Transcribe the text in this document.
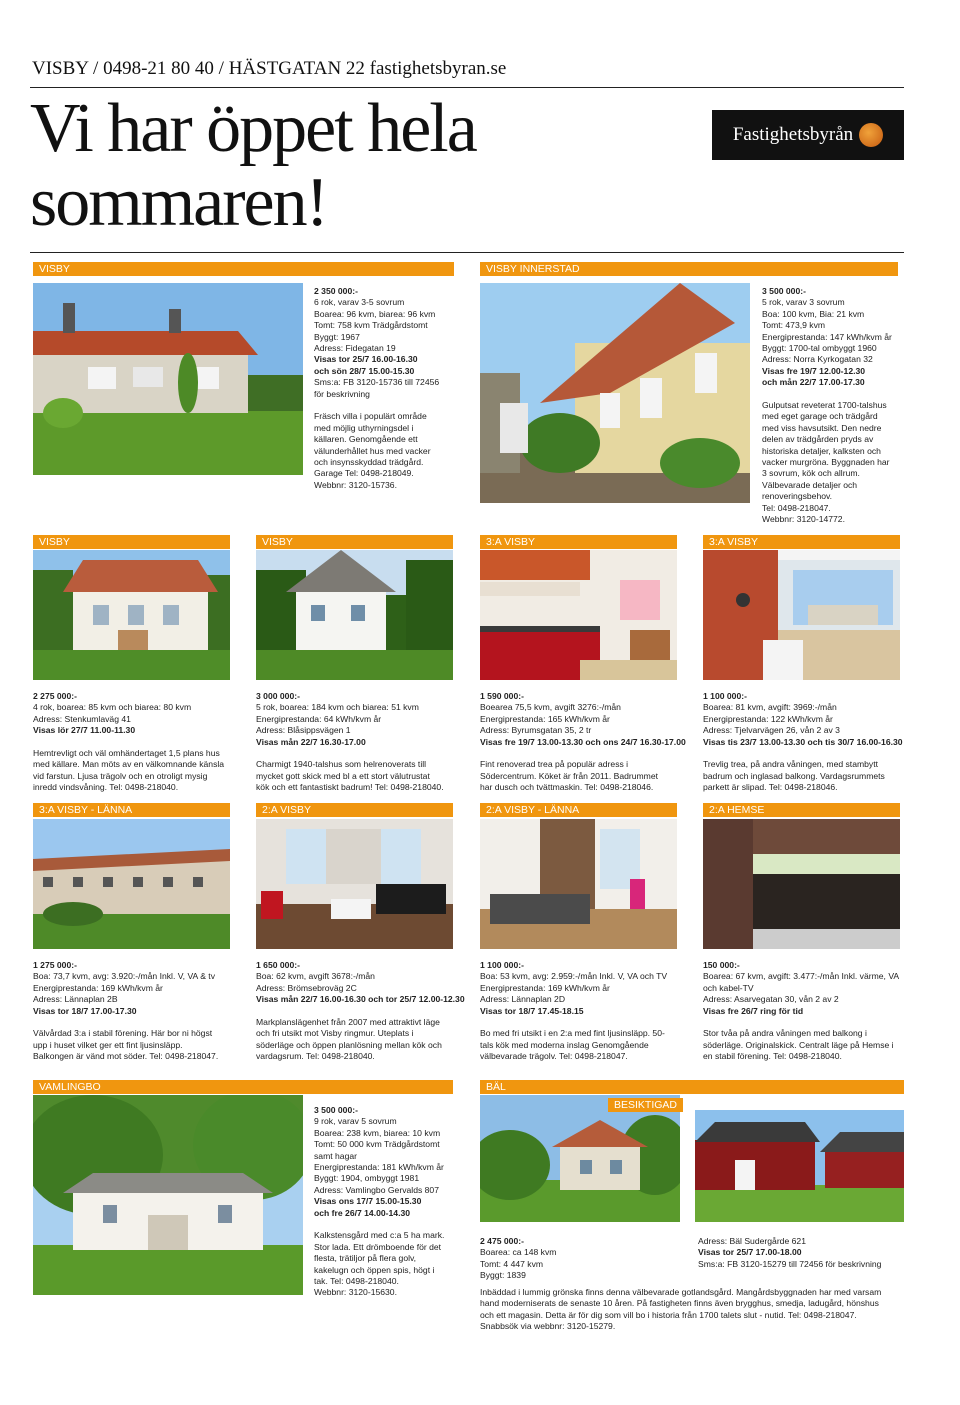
VISBY / 0498-21 80 40 / HÄSTGATAN 22 fastighetsbyran.se
Vi har öppet hela
sommaren!
Fastighetsbyrån
VISBY
2 350 000:-
6 rok, varav 3-5 sovrum
Boarea: 96 kvm, biarea: 96 kvm
Tomt: 758 kvm Trädgårdstomt
Byggt: 1967
Adress: Fidegatan 19
Visas tor 25/7 16.00-16.30
och sön 28/7 15.00-15.30
Sms:a: FB 3120-15736 till 72456
för beskrivning
Fräsch villa i populärt område
med möjlig uthyrningsdel i
källaren. Genomgående ett
välunderhållet hus med vacker
och insynsskyddad trädgård.
Garage Tel: 0498-218049.
Webbnr: 3120-15736.
VISBY INNERSTAD
3 500 000:-
5 rok, varav 3 sovrum
Boa: 100 kvm, Bia: 21 kvm
Tomt: 473,9 kvm
Energiprestanda: 147 kWh/kvm år
Byggt: 1700-tal ombyggt 1960
Adress: Norra Kyrkogatan 32
Visas fre 19/7 12.00-12.30
och mån 22/7 17.00-17.30
Gulputsat reveterat 1700-talshus
med eget garage och trädgård
med viss havsutsikt. Den nedre
delen av trädgården pryds av
historiska detaljer, kalksten och
vacker murgröna. Byggnaden har
3 sovrum, kök och allrum.
Välbevarade detaljer och
renoveringsbehov.
Tel: 0498-218047.
Webbnr: 3120-14772.
VISBY	VISBY	3:A VISBY	3:A VISBY
2 275 000:-
4 rok, boarea: 85 kvm och biarea: 80 kvm
Adress: Stenkumlaväg 41
Visas lör 27/7 11.00-11.30
Hemtrevligt och väl omhändertaget 1,5 plans hus
med källare. Man möts av en välkomnande känsla
vid farstun. Ljusa trägolv och en otroligt mysig
inredd vindsvåning. Tel: 0498-218040.
3 000 000:-
5 rok, boarea: 184 kvm och biarea: 51 kvm
Energiprestanda: 64 kWh/kvm år
Adress: Blåsippsvägen 1
Visas mån 22/7 16.30-17.00
Charmigt 1940-talshus som helrenoverats till
mycket gott skick med bl a ett stort välutrustat
kök och ett fantastiskt badrum! Tel: 0498-218040.
1 590 000:-
Boearea 75,5 kvm, avgift 3276:-/mån
Energiprestanda: 165 kWh/kvm år
Adress: Byrumsgatan 35, 2 tr
Visas fre 19/7 13.00-13.30 och ons 24/7 16.30-17.00
Fint renoverad trea på populär adress i
Södercentrum. Köket är från 2011. Badrummet
har dusch och tvättmaskin. Tel: 0498-218046.
1 100 000:-
Boarea: 81 kvm, avgift: 3969:-/mån
Energiprestanda: 122 kWh/kvm år
Adress: Tjelvarvägen 26, vån 2 av 3
Visas tis 23/7 13.00-13.30 och tis 30/7 16.00-16.30
Trevlig trea, på andra våningen, med stambytt
badrum och inglasad balkong. Vardagsrummets
parkett är slipad. Tel: 0498-218046.
3:A VISBY - LÄNNA	2:A VISBY	2:A VISBY - LÄNNA	2:A HEMSE
1 275 000:-
Boa: 73,7 kvm, avg: 3.920:-/mån Inkl. V, VA & tv
Energiprestanda: 169 kWh/kvm år
Adress: Lännaplan 2B
Visas tor 18/7 17.00-17.30
Välvårdad 3:a i stabil förening. Här bor ni högst
upp i huset vilket ger ett fint ljusinsläpp.
Balkongen är vänd mot söder. Tel: 0498-218047.
1 650 000:-
Boa: 62 kvm, avgift 3678:-/mån
Adress: Brömsebroväg 2C
Visas mån 22/7 16.00-16.30 och tor 25/7 12.00-12.30
Markplanslägenhet från 2007 med attraktivt läge
och fri utsikt mot Visby ringmur. Uteplats i
söderläge och öppen planlösning mellan kök och
vardagsrum. Tel: 0498-218040.
1 100 000:-
Boa: 53 kvm, avg: 2.959:-/mån Inkl. V, VA och TV
Energiprestanda: 169 kWh/kvm år
Adress: Lännaplan 2D
Visas tor 18/7 17.45-18.15
Bo med fri utsikt i en 2:a med fint ljusinsläpp. 50-
tals kök med moderna inslag Genomgående
välbevarade trägolv. Tel: 0498-218047.
150 000:-
Boarea: 67 kvm, avgift: 3.477:-/mån Inkl. värme, VA
och kabel-TV
Adress: Asarvegatan 30, vån 2 av 2
Visas fre 26/7 ring för tid
Stor tvåa på andra våningen med balkong i
söderläge. Originalskick. Centralt läge på Hemse i
en stabil förening. Tel: 0498-218040.
VAMLINGBO
3 500 000:-
9 rok, varav 5 sovrum
Boarea: 238 kvm, biarea: 10 kvm
Tomt: 50 000 kvm Trädgårdstomt
samt hagar
Energiprestanda: 181 kWh/kvm år
Byggt: 1904, ombyggt 1981
Adress: Vamlingbo Gervalds 807
Visas ons 17/7 15.00-15.30
och fre 26/7 14.00-14.30
Kalkstensgård med c:a 5 ha mark.
Stor lada. Ett drömboende för det
flesta, trätiljor på flera golv,
kakelugn och öppen spis, högt i
tak. Tel: 0498-218040.
Webbnr: 3120-15630.
BÄL
BESIKTIGAD
2 475 000:-
Boarea: ca 148 kvm
Tomt: 4 447 kvm
Byggt: 1839
Adress: Bäl Sudergårde 621
Visas tor 25/7 17.00-18.00
Sms:a: FB 3120-15279 till 72456 för beskrivning
Inbäddad i lummig grönska finns denna välbevarade gotlandsgård. Mangårdsbyggnaden har med varsam
hand moderniserats de senaste 10 åren. På fastigheten finns även brygghus, smedja, ladugård, hönshus
och ett magasin. Detta är för dig som vill bo i historia från 1700 talets slut - nutid. Tel: 0498-218047.
Snabbsök via webbnr: 3120-15279.
